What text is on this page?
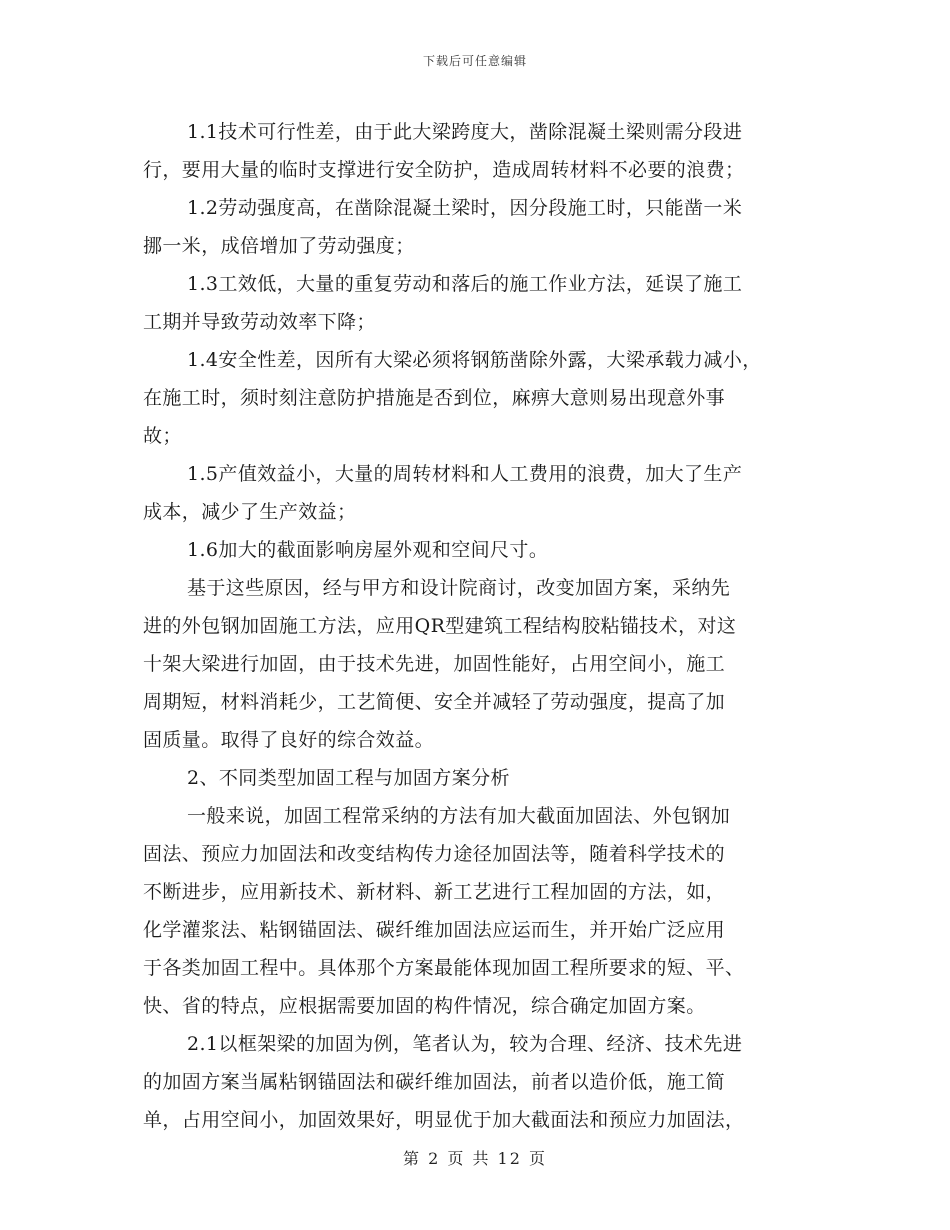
下载后可任意编辑
1.1技术可行性差，由于此大梁跨度大，凿除混凝土梁则需分段进
行，要用大量的临时支撑进行安全防护，造成周转材料不必要的浪费；
1.2劳动强度高，在凿除混凝土梁时，因分段施工时，只能凿一米
挪一米，成倍增加了劳动强度；
1.3工效低，大量的重复劳动和落后的施工作业方法，延误了施工
工期并导致劳动效率下降；
1.4安全性差，因所有大梁必须将钢筋凿除外露，大梁承载力减小，
在施工时，须时刻注意防护措施是否到位，麻痹大意则易出现意外事
故；
1.5产值效益小，大量的周转材料和人工费用的浪费，加大了生产
成本，减少了生产效益；
1.6加大的截面影响房屋外观和空间尺寸。
基于这些原因，经与甲方和设计院商讨，改变加固方案，采纳先
进的外包钢加固施工方法，应用QR型建筑工程结构胶粘锚技术，对这
十架大梁进行加固，由于技术先进，加固性能好，占用空间小，施工
周期短，材料消耗少，工艺简便、安全并减轻了劳动强度，提高了加
固质量。取得了良好的综合效益。
2、不同类型加固工程与加固方案分析
一般来说，加固工程常采纳的方法有加大截面加固法、外包钢加
固法、预应力加固法和改变结构传力途径加固法等，随着科学技术的
不断进步，应用新技术、新材料、新工艺进行工程加固的方法，如，
化学灌浆法、粘钢锚固法、碳纤维加固法应运而生，并开始广泛应用
于各类加固工程中。具体那个方案最能体现加固工程所要求的短、平、
快、省的特点，应根据需要加固的构件情况，综合确定加固方案。
2.1以框架梁的加固为例，笔者认为，较为合理、经济、技术先进
的加固方案当属粘钢锚固法和碳纤维加固法，前者以造价低，施工简
单，占用空间小，加固效果好，明显优于加大截面法和预应力加固法，
第 2 页 共 12 页
